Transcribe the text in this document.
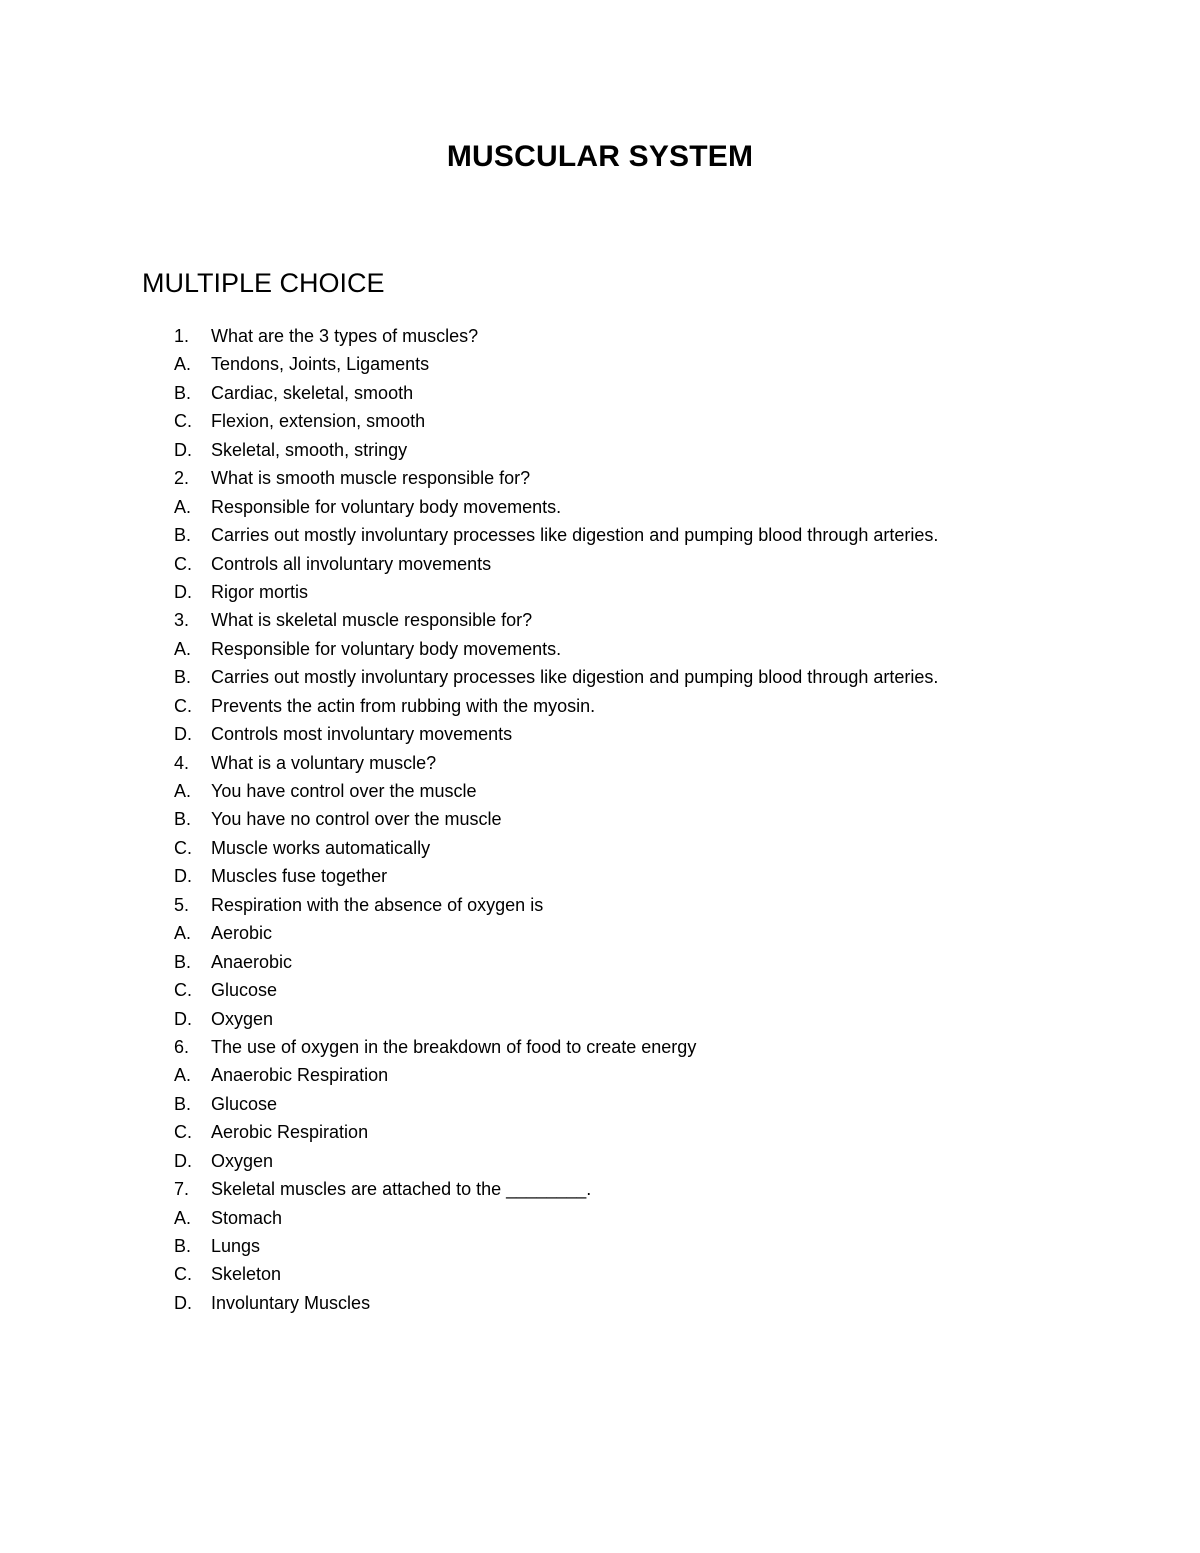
MUSCULAR SYSTEM
MULTIPLE CHOICE
1. What are the 3 types of muscles?
A. Tendons, Joints, Ligaments
B. Cardiac, skeletal, smooth
C. Flexion, extension, smooth
D. Skeletal, smooth, stringy
2. What is smooth muscle responsible for?
A. Responsible for voluntary body movements.
B. Carries out mostly involuntary processes like digestion and pumping blood through arteries.
C. Controls all involuntary movements
D. Rigor mortis
3. What is skeletal muscle responsible for?
A. Responsible for voluntary body movements.
B. Carries out mostly involuntary processes like digestion and pumping blood through arteries.
C. Prevents the actin from rubbing with the myosin.
D. Controls most involuntary movements
4. What is a voluntary muscle?
A. You have control over the muscle
B. You have no control over the muscle
C. Muscle works automatically
D. Muscles fuse together
5. Respiration with the absence of oxygen is
A. Aerobic
B. Anaerobic
C. Glucose
D. Oxygen
6. The use of oxygen in the breakdown of food to create energy
A. Anaerobic Respiration
B. Glucose
C. Aerobic Respiration
D. Oxygen
7. Skeletal muscles are attached to the ________.
A. Stomach
B. Lungs
C. Skeleton
D. Involuntary Muscles
